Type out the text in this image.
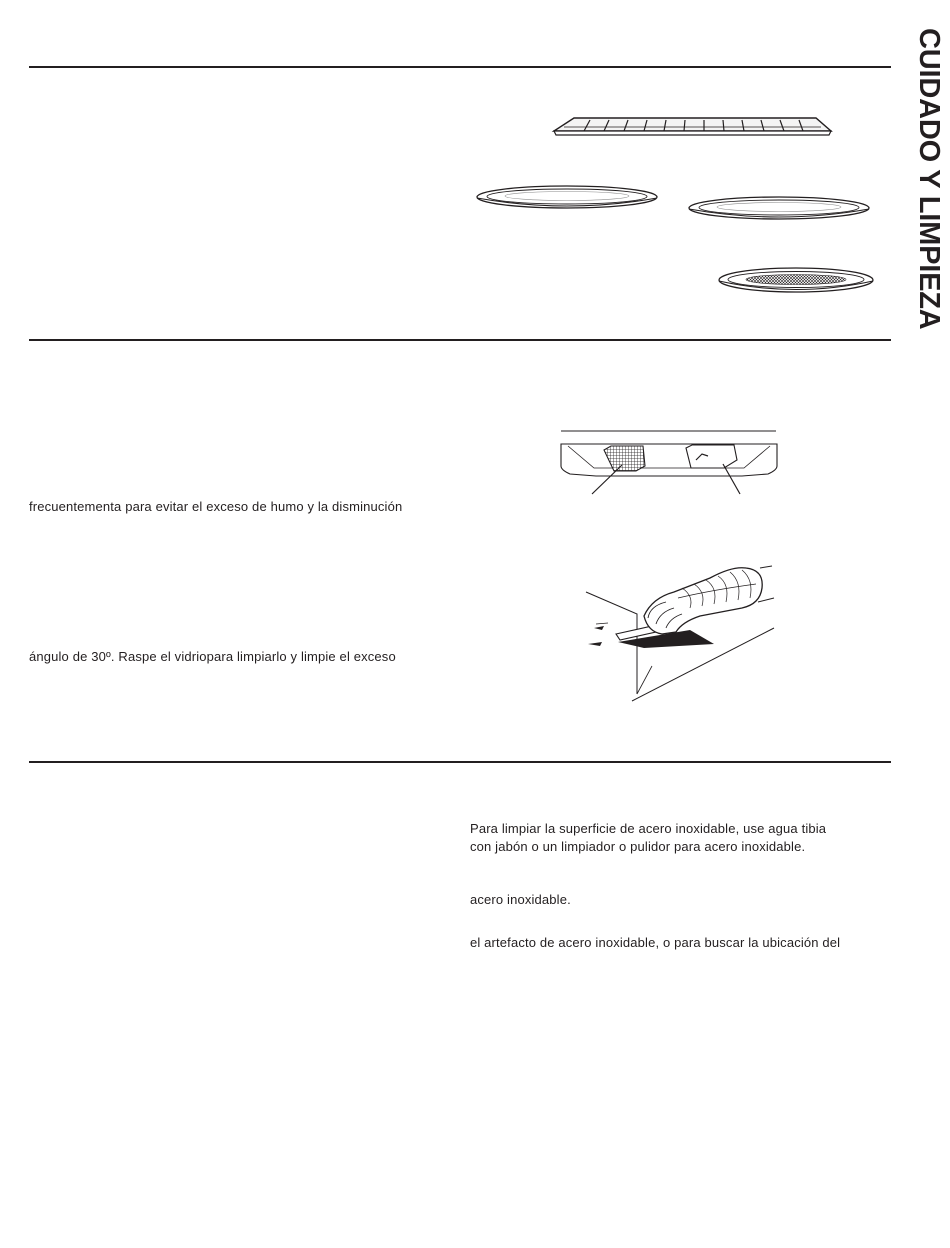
CUIDADO Y LIMPIEZA
frecuentementa para evitar el exceso de humo y la disminución
ángulo de 30º. Raspe el vidriopara limpiarlo y limpie el exceso
Para limpiar la superficie de acero inoxidable, use agua tibia
con jabón o un limpiador o pulidor para acero inoxidable.
acero inoxidable.
el artefacto de acero inoxidable, o para buscar la ubicación del
